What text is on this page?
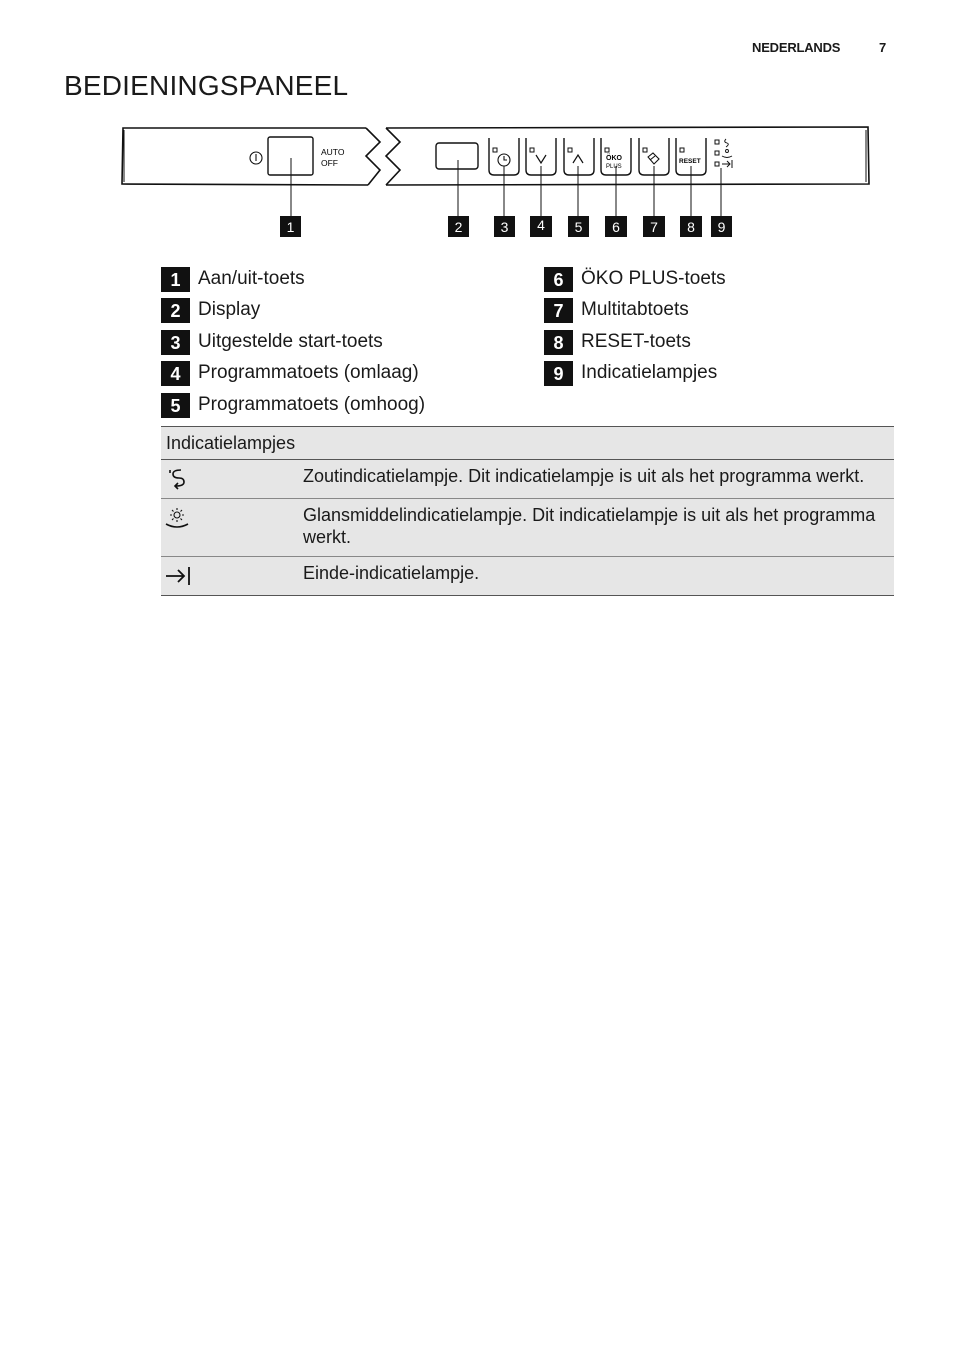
NEDERLANDS	7
BEDIENINGSPANEEL
AUTO
OFF	ÖKO
PLUS
RESET
1	2	3 4 5 6 7 8 9
1 Aan/uit-toets
2 Display
3 Uitgestelde start-toets
4 Programmatoets (omlaag)
5 Programmatoets (omhoog)
6 ÖKO PLUS-toets
7 Multitabtoets
8 RESET-toets
9 Indicatielampjes
Indicatielampjes
Zoutindicatielampje. Dit indicatielampje is uit als het programma werkt.
Glansmiddelindicatielampje. Dit indicatielampje is uit als het programma werkt.
Einde-indicatielampje.
